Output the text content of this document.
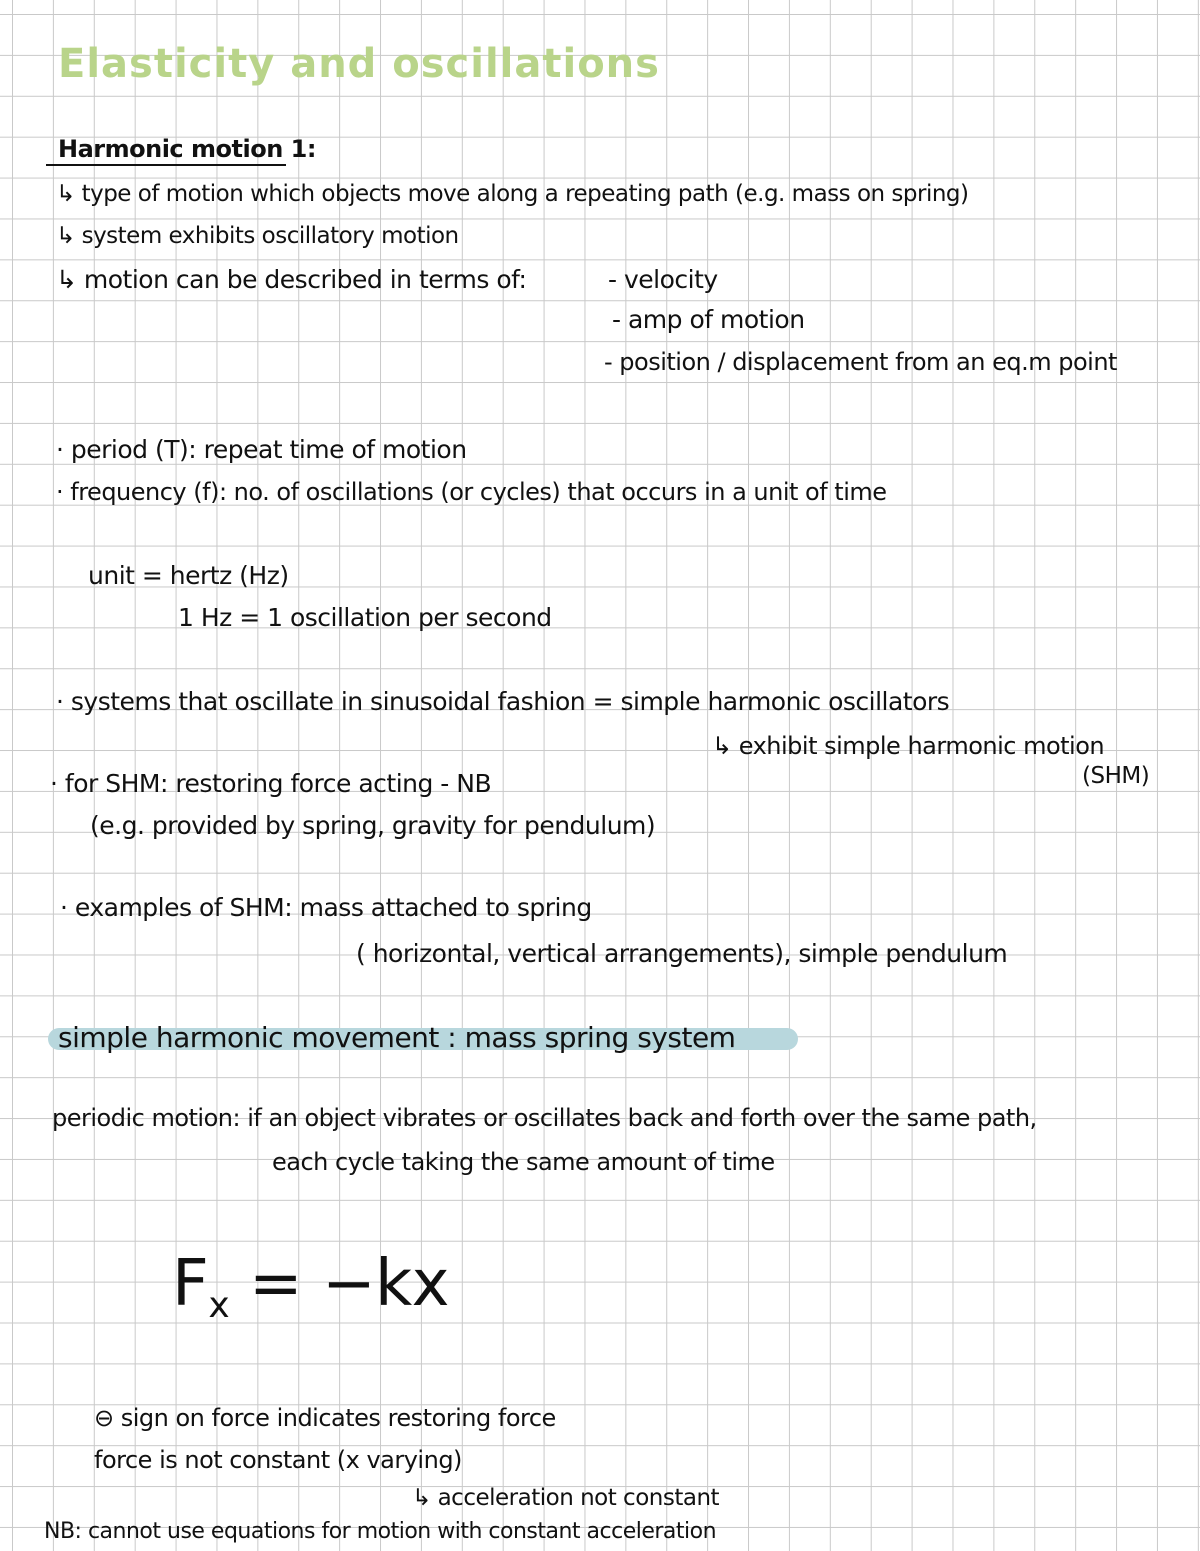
Elasticity and oscillations
Harmonic motion 1:
↳ type of motion which objects move along a repeating path (e.g. mass on spring)
↳ system exhibits oscillatory motion
↳ motion can be described in terms of:	- velocity
- amp of motion
- position / displacement from an eq.m point
· period (T): repeat time of motion
· frequency (f): no. of oscillations (or cycles) that occurs in a unit of time
unit = hertz (Hz)
1 Hz = 1 oscillation per second
· systems that oscillate in sinusoidal fashion = simple harmonic oscillators
↳ exhibit simple harmonic motion
(SHM)
· for SHM: restoring force acting - NB
(e.g. provided by spring, gravity for pendulum)
· examples of SHM: mass attached to spring
( horizontal, vertical arrangements), simple pendulum
simple harmonic movement : mass spring system
periodic motion: if an object vibrates or oscillates back and forth over the same path,
each cycle taking the same amount of time
$F_x = -kx$
⊖ sign on force indicates restoring force
force is not constant (x varying)
↳ acceleration not constant
NB: cannot use equations for motion with constant acceleration
